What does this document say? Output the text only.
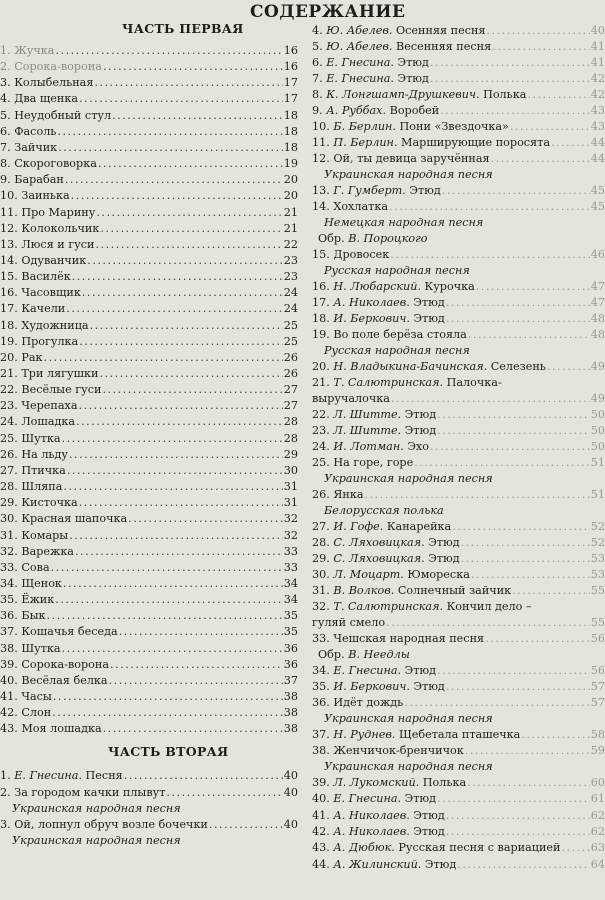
СОДЕРЖАНИЕ
ЧАСТЬ ПЕРВАЯ
1. Жучка .....	16
2. Сорока-ворона .....	16
3. Колыбельная .....	17
4. Два щенка .....	17
5. Неудобный стул .....	18
6. Фасоль .....	18
7. Зайчик .....	18
8. Скороговорка .....	19
9. Барабан .....	20
10. Заинька .....	20
11. Про Марину .....	21
12. Колокольчик .....	21
13. Люся и гуси .....	22
14. Одуванчик .....	23
15. Василёк .....	23
16. Часовщик .....	24
17. Качели .....	24
18. Художница .....	25
19. Прогулка .....	25
20. Рак .....	26
21. Три лягушки .....	26
22. Весёлые гуси .....	27
23. Черепаха .....	27
24. Лошадка .....	28
25. Шутка .....	28
26. На льду .....	29
27. Птичка .....	30
28. Шляпа .....	31
29. Кисточка .....	31
30. Красная шапочка .....	32
31. Комары .....	32
32. Варежка .....	33
33. Сова .....	33
34. Щенок .....	34
35. Ёжик .....	34
36. Бык .....	35
37. Кошачья беседа .....	35
38. Шутка .....	36
39. Сорока-ворона .....	36
40. Весёлая белка .....	37
41. Часы .....	38
42. Слон .....	38
43. Моя лошадка .....	38
ЧАСТЬ ВТОРАЯ
1. Е. Гнесина. Песня .....	40
2. За городом качки плывут .....	40
Украинская народная песня
3. Ой, лопнул обруч возле бочечки .....	40
Украинская народная песня
4. Ю. Абелев. Осенняя песня .....	40
5. Ю. Абелев. Весенняя песня .....	41
6. Е. Гнесина. Этюд .....	41
7. Е. Гнесина. Этюд .....	42
8. К. Лонгшамп-Друшкевич. Полька .....	42
9. А. Руббах. Воробей .....	43
10. Б. Берлин. Пони «Звездочка» .....	43
11. П. Берлин. Марширующие поросята .....	44
12. Ой, ты девица заручённая .....	44
Украинская народная песня
13. Г. Гумберт. Этюд .....	45
14. Хохлатка .....	45
Немецкая народная песня
Обр. В. Пороцкого
15. Дровосек .....	46
Русская народная песня
16. Н. Любарский. Курочка .....	47
17. А. Николаев. Этюд .....	47
18. И. Беркович. Этюд .....	48
19. Во поле берёза стояла .....	48
Русская народная песня
20. Н. Владыкина-Бачинская. Селезень .....	49
21. Т. Салютринская. Палочка-
выручалочка .....	49
22. Л. Шитте. Этюд .....	50
23. Л. Шитте. Этюд .....	50
24. И. Лотман. Эхо .....	50
25. На горе, горе .....	51
Украинская народная песня
26. Янка .....	51
Белорусская полька
27. И. Гофе. Канарейка .....	52
28. С. Ляховицкая. Этюд .....	52
29. С. Ляховицкая. Этюд .....	53
30. Л. Моцарт. Юмореска .....	53
31. В. Волков. Солнечный зайчик .....	55
32. Т. Салютринская. Кончил дело –
гуляй смело .....	55
33. Чешская народная песня .....	56
Обр. В. Неедлы
34. Е. Гнесина. Этюд .....	56
35. И. Беркович. Этюд .....	57
36. Идёт дождь .....	57
Украинская народная песня
37. Н. Руднев. Щебетала пташечка .....	58
38. Женчичок-бренчичок .....	59
Украинская народная песня
39. Л. Лукомский. Полька .....	60
40. Е. Гнесина. Этюд .....	61
41. А. Николаев. Этюд .....	62
42. А. Николаев. Этюд .....	62
43. А. Дюбюк. Русская песня с вариацией .....	63
44. А. Жилинский. Этюд .....	64
